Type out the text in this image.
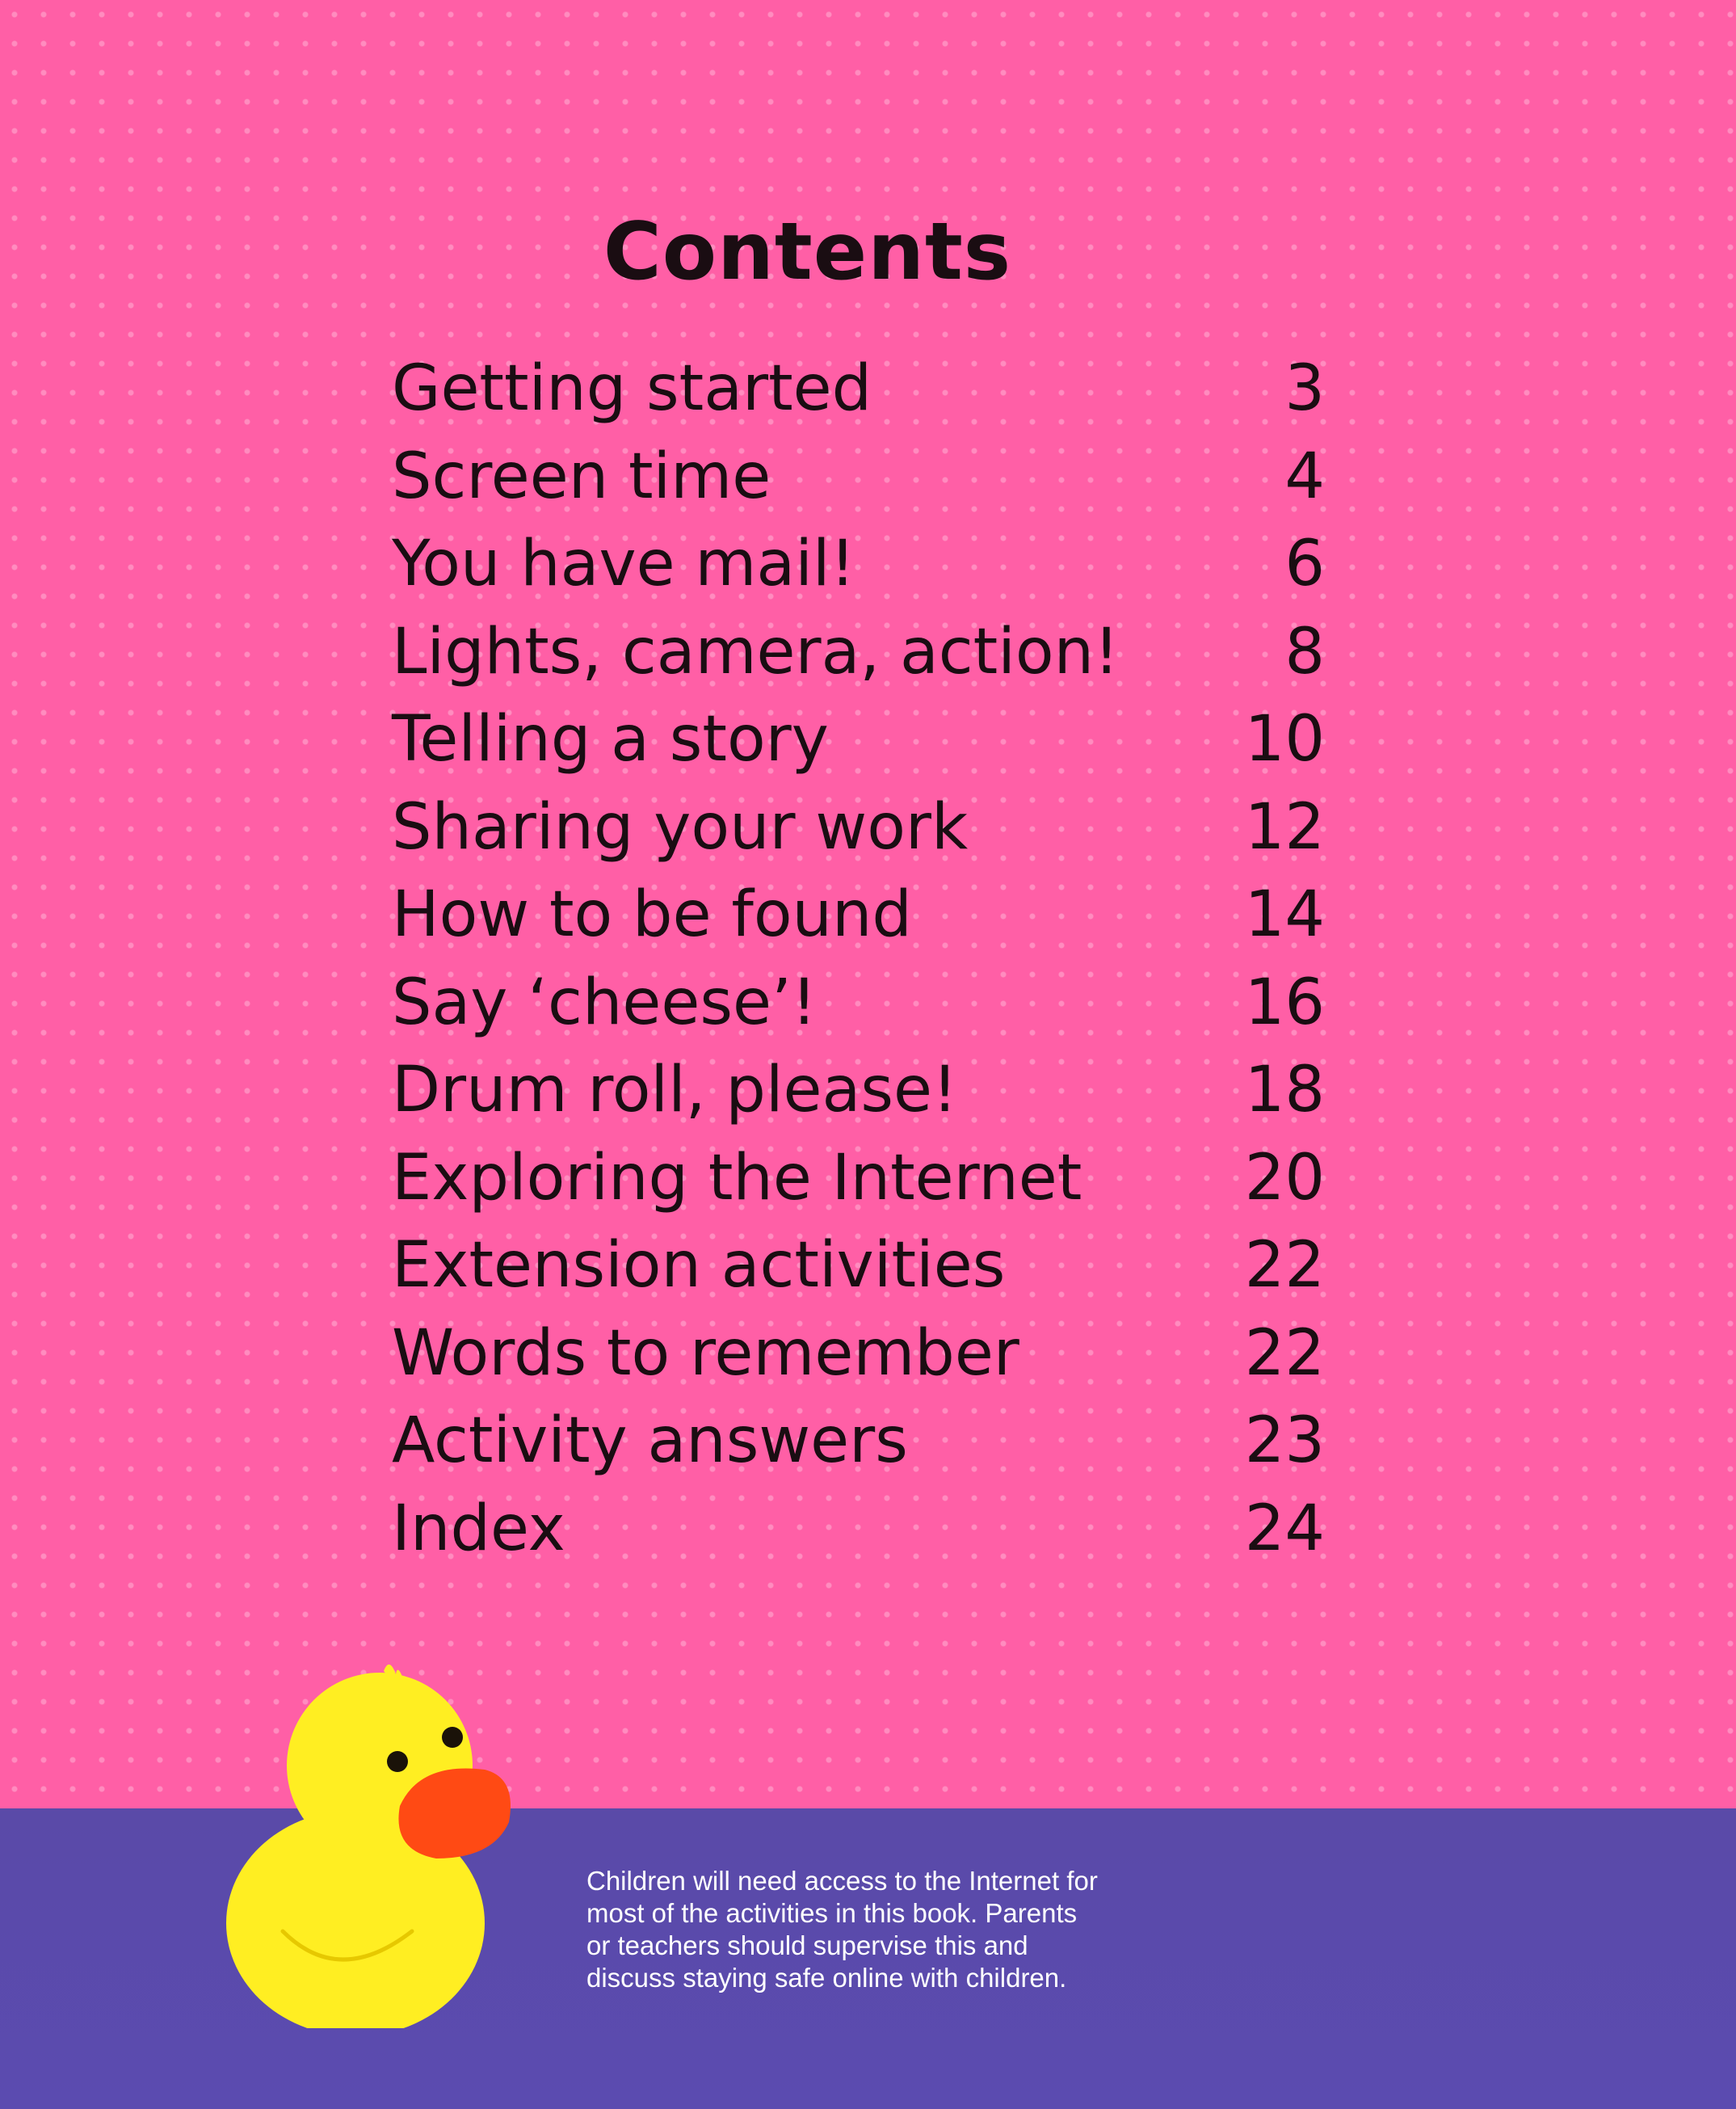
Contents
Getting started	3
Screen time	4
You have mail!	6
Lights, camera, action!	8
Telling a story	10
Sharing your work	12
How to be found	14
Say ‘cheese’!	16
Drum roll, please!	18
Exploring the Internet	20
Extension activities	22
Words to remember	22
Activity answers	23
Index	24
Children will need access to the Internet for
most of the activities in this book. Parents
or teachers should supervise this and
discuss staying safe online with children.
